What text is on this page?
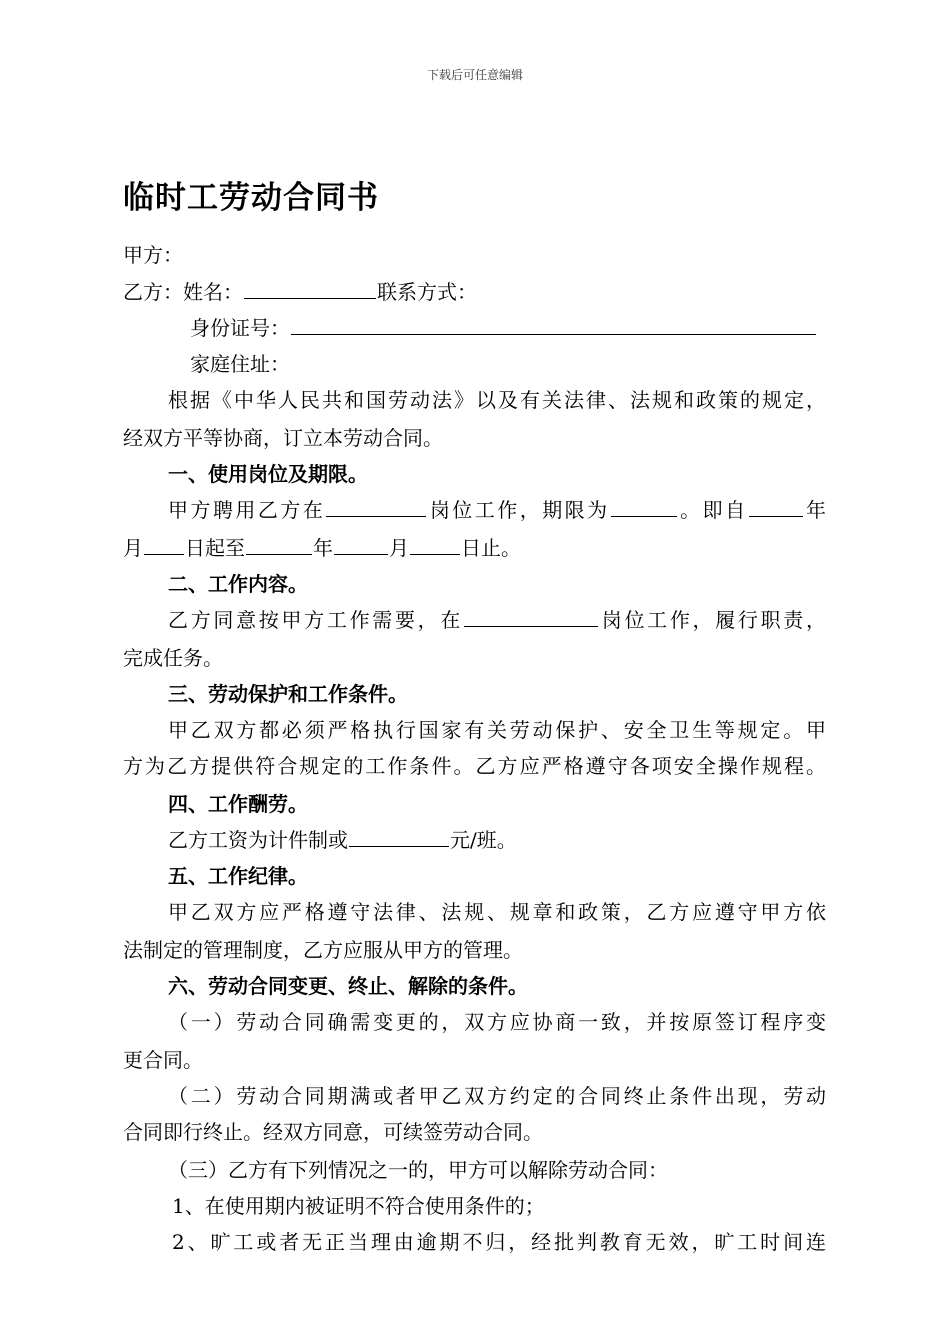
下载后可任意编辑
临时工劳动合同书
甲方：
乙方：姓名：	联系方式：
身份证号：
家庭住址：
根据《中华人民共和国劳动法》以及有关法律、法规和政策的规定，
经双方平等协商，订立本劳动合同。
一、使用岗位及期限。
甲方聘用乙方在	岗位工作，期限为	。即自	年
月 日起至	年	月	日止。
二、工作内容。
乙方同意按甲方工作需要，在	岗位工作，履行职责，
完成任务。
三、劳动保护和工作条件。
甲乙双方都必须严格执行国家有关劳动保护、安全卫生等规定。甲
方为乙方提供符合规定的工作条件。乙方应严格遵守各项安全操作规程。
四、工作酬劳。
乙方工资为计件制或	元/班。
五、工作纪律。
甲乙双方应严格遵守法律、法规、规章和政策，乙方应遵守甲方依
法制定的管理制度，乙方应服从甲方的管理。
六、劳动合同变更、终止、解除的条件。
（一）劳动合同确需变更的，双方应协商一致，并按原签订程序变
更合同。
（二）劳动合同期满或者甲乙双方约定的合同终止条件出现，劳动
合同即行终止。经双方同意，可续签劳动合同。
（三）乙方有下列情况之一的，甲方可以解除劳动合同：
1、在使用期内被证明不符合使用条件的；
2、旷工或者无正当理由逾期不归，经批判教育无效，旷工时间连
